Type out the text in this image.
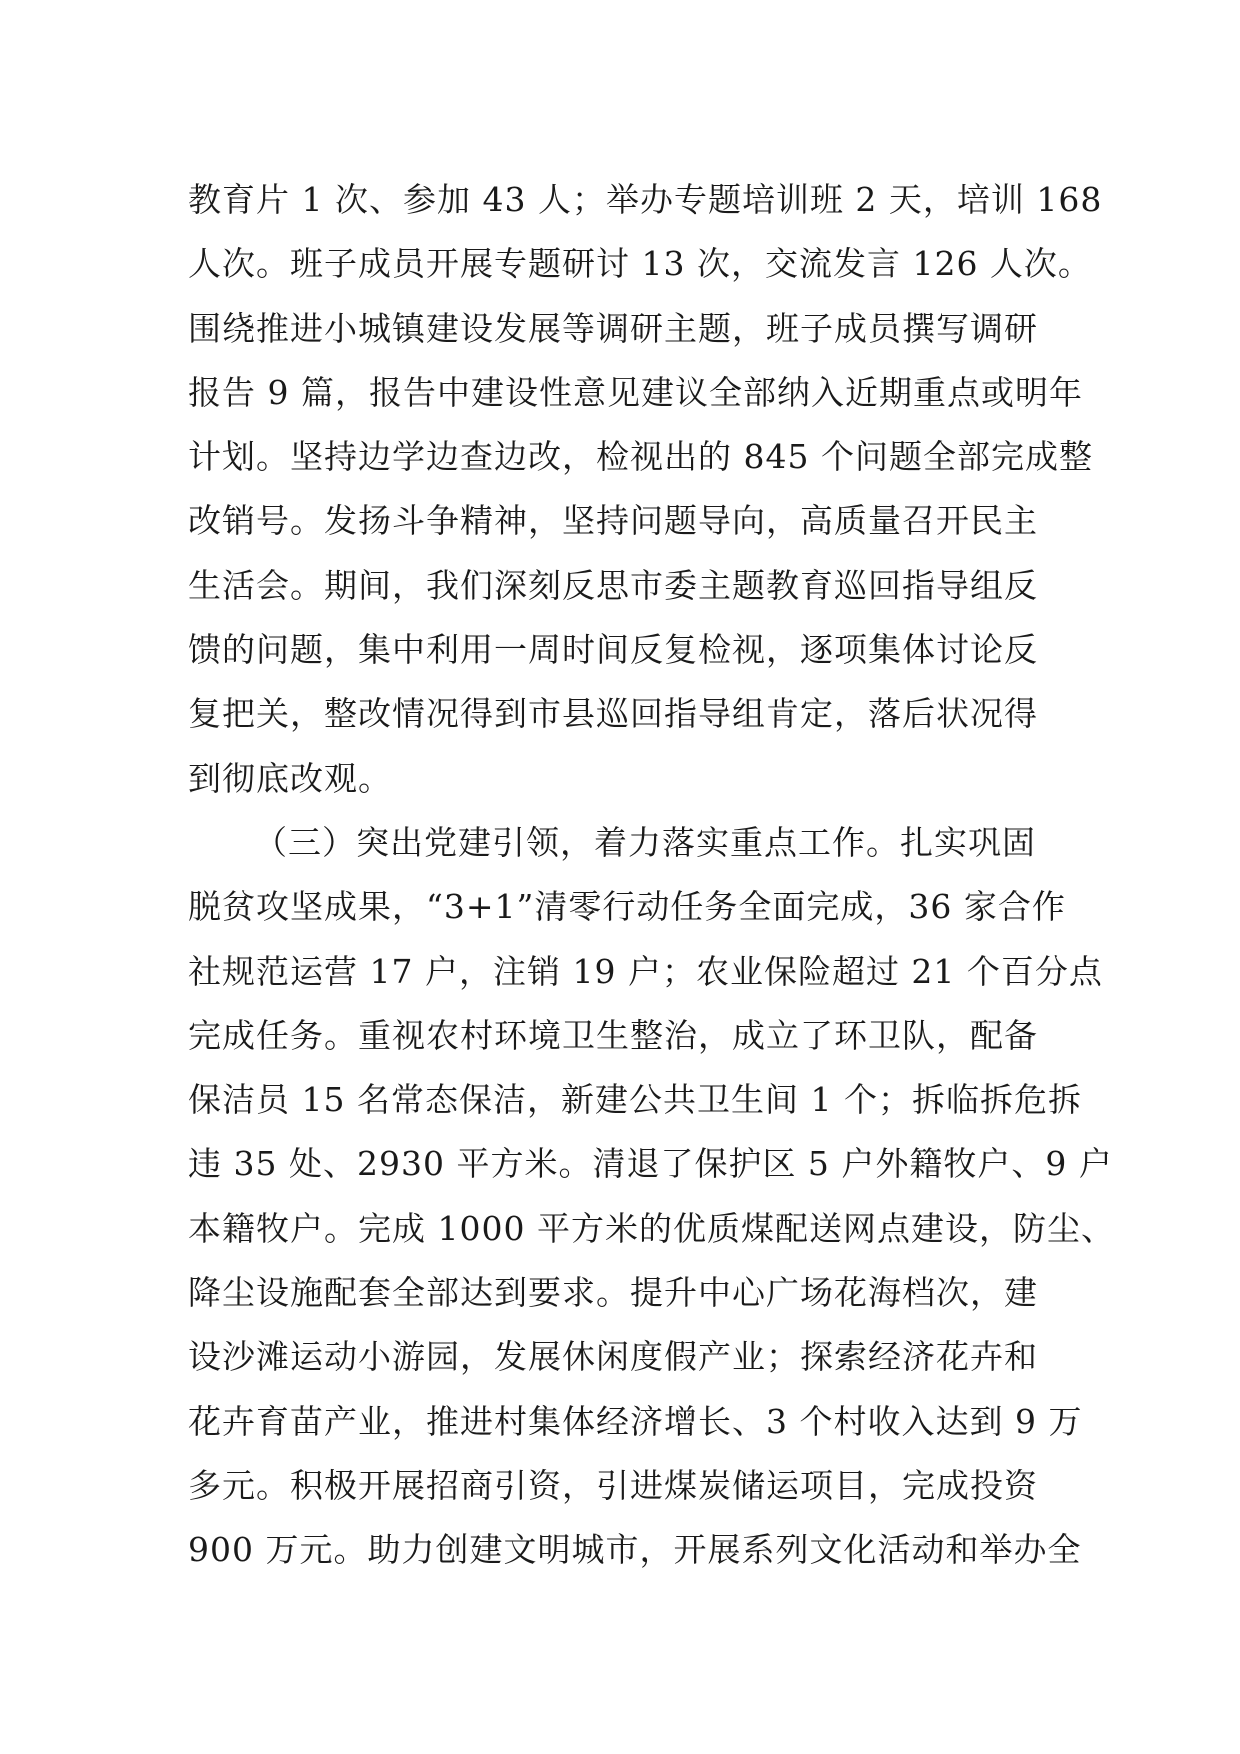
教育片 1 次、参加 43 人；举办专题培训班 2 天，培训 168
人次。班子成员开展专题研讨 13 次，交流发言 126 人次。
围绕推进小城镇建设发展等调研主题，班子成员撰写调研
报告 9 篇，报告中建设性意见建议全部纳入近期重点或明年
计划。坚持边学边查边改，检视出的 845 个问题全部完成整
改销号。发扬斗争精神，坚持问题导向，高质量召开民主
生活会。期间，我们深刻反思市委主题教育巡回指导组反
馈的问题，集中利用一周时间反复检视，逐项集体讨论反
复把关，整改情况得到市县巡回指导组肯定，落后状况得
到彻底改观。
（三）突出党建引领，着力落实重点工作。扎实巩固
脱贫攻坚成果，“3+1”清零行动任务全面完成，36 家合作
社规范运营 17 户，注销 19 户；农业保险超过 21 个百分点
完成任务。重视农村环境卫生整治，成立了环卫队，配备
保洁员 15 名常态保洁，新建公共卫生间 1 个；拆临拆危拆
违 35 处、2930 平方米。清退了保护区 5 户外籍牧户、9 户
本籍牧户。完成 1000 平方米的优质煤配送网点建设，防尘、
降尘设施配套全部达到要求。提升中心广场花海档次，建
设沙滩运动小游园，发展休闲度假产业；探索经济花卉和
花卉育苗产业，推进村集体经济增长、3 个村收入达到 9 万
多元。积极开展招商引资，引进煤炭储运项目，完成投资
900 万元。助力创建文明城市，开展系列文化活动和举办全
